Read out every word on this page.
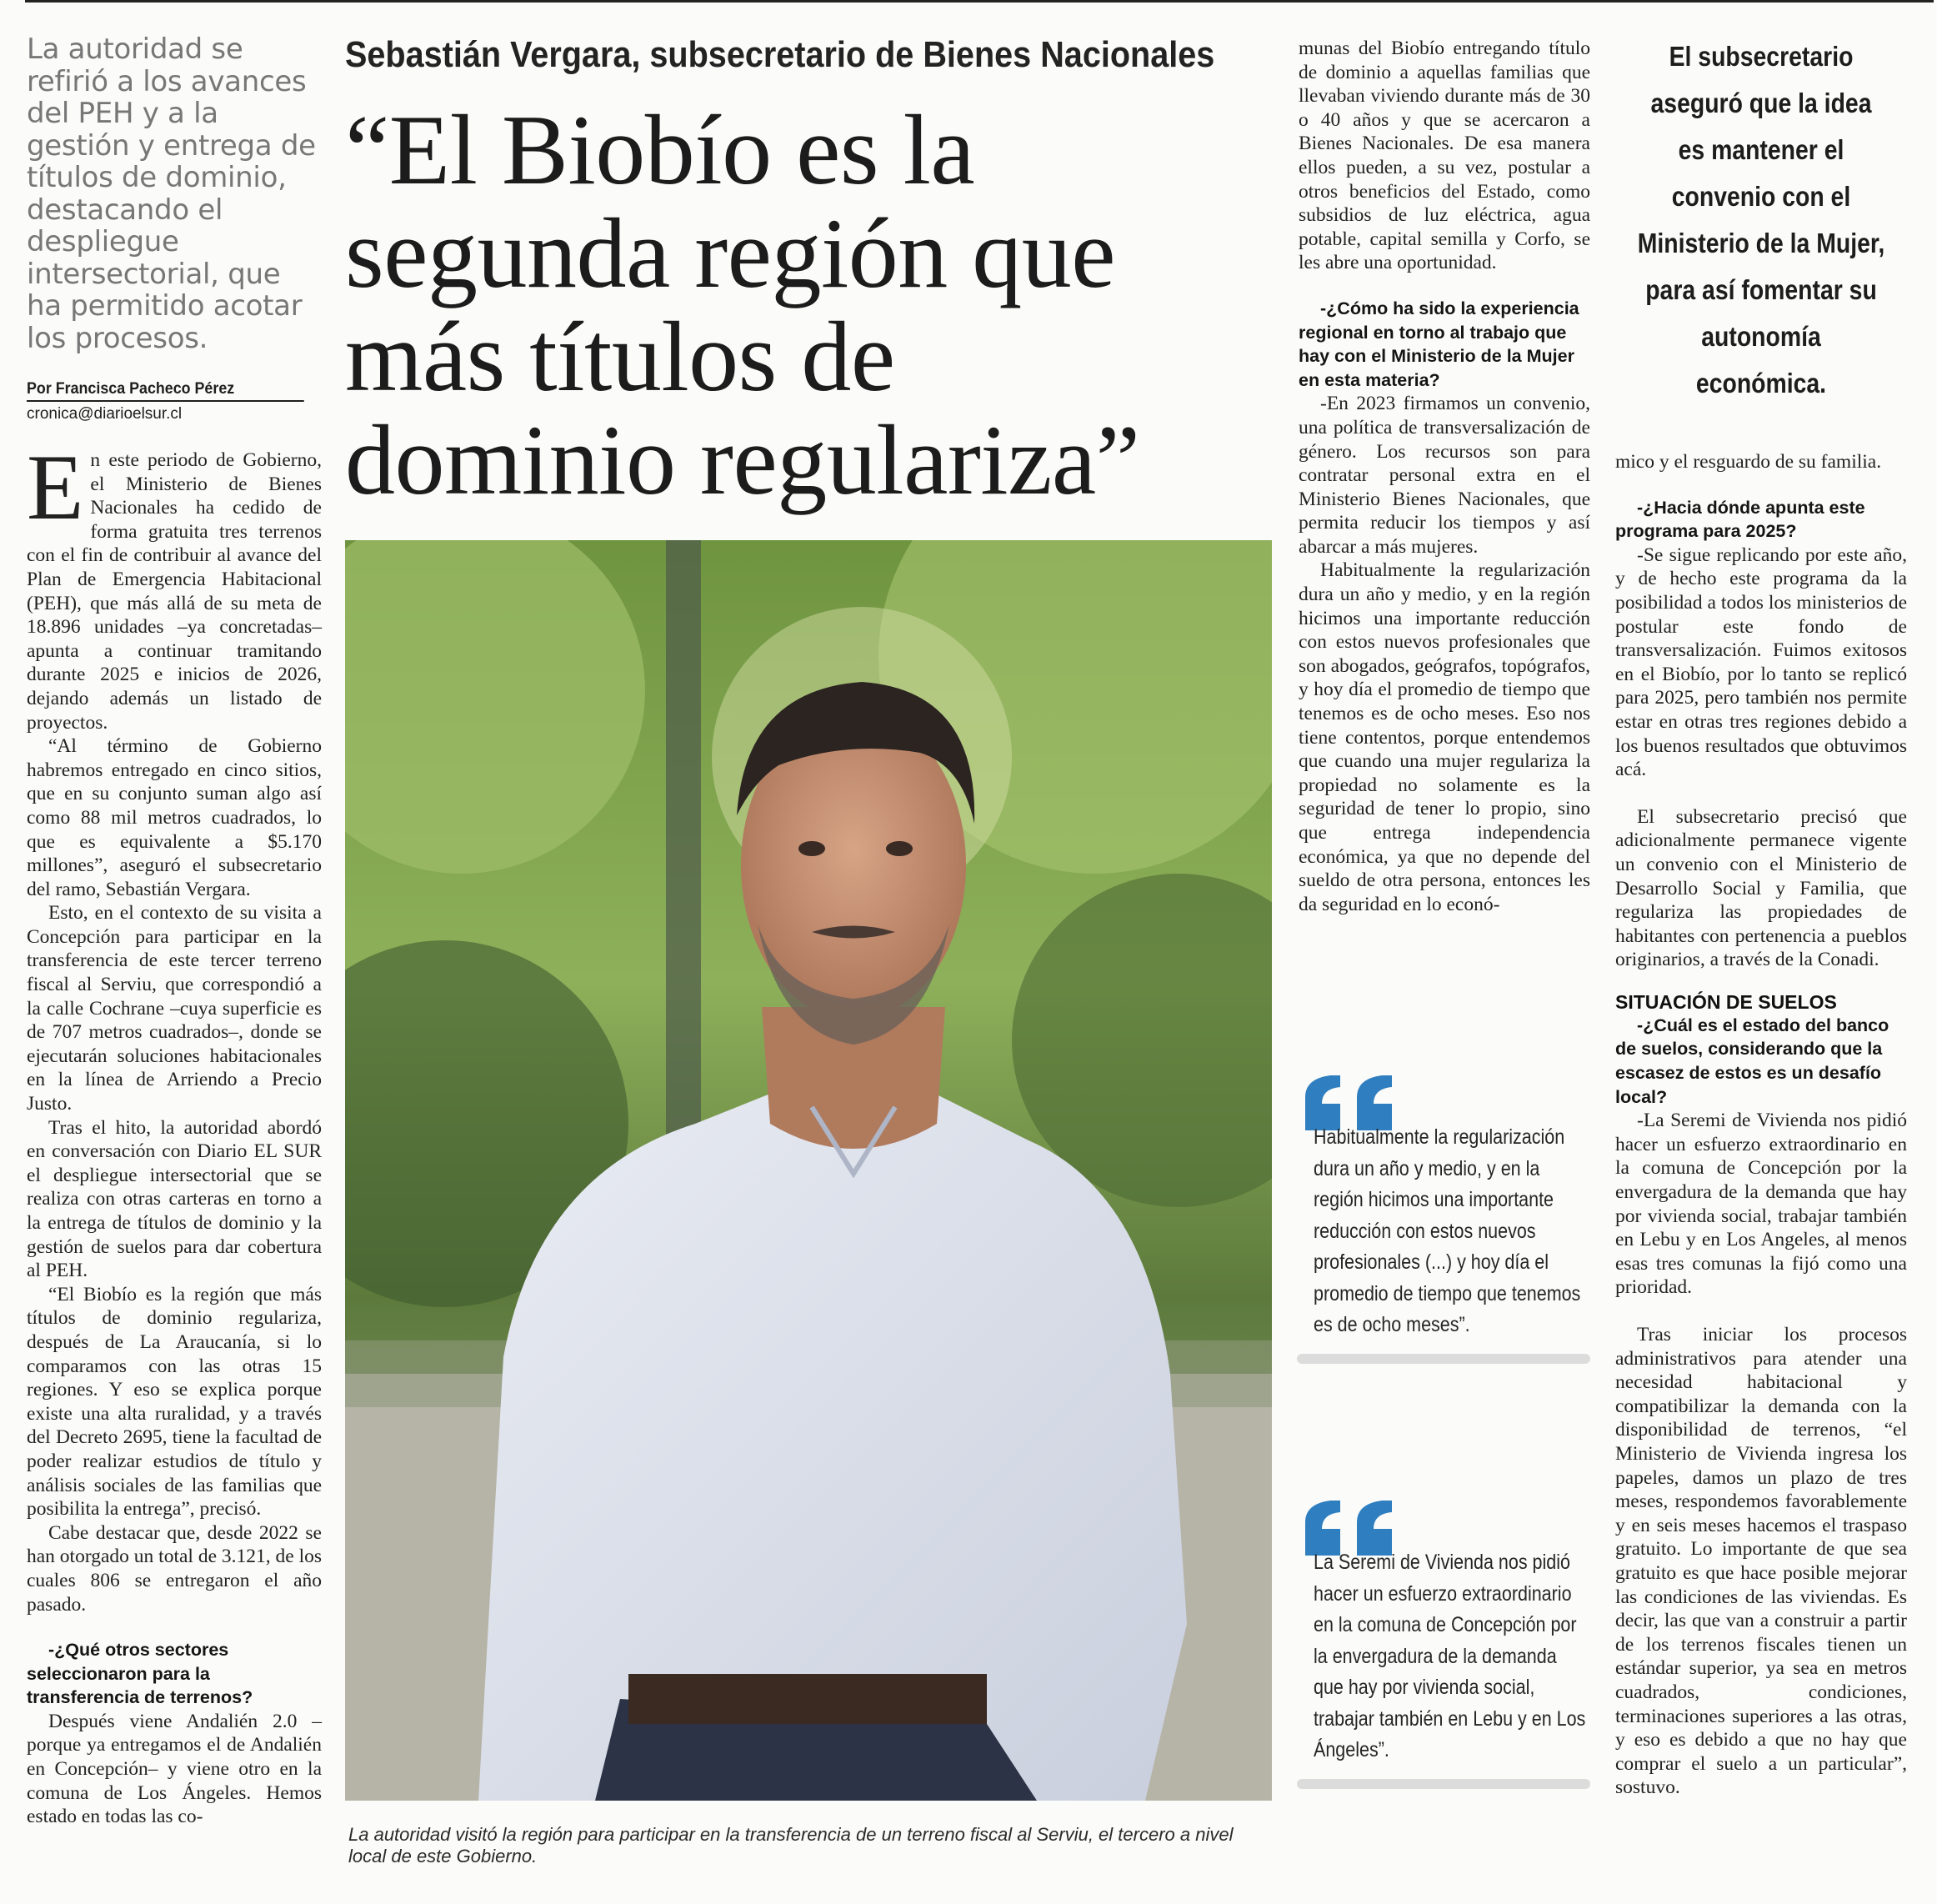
La autoridad se refirió a los avances del PEH y a la gestión y entrega de títulos de dominio, destacando el despliegue intersectorial, que ha permitido acotar los procesos.
Por Francisca Pacheco Pérez
cronica@diarioelsur.cl

En este periodo de Gobierno, el Ministerio de Bienes Nacionales ha cedido de forma gratuita tres terrenos con el fin de contribuir al avance del Plan de Emergencia Habitacional (PEH), que más allá de su meta de 18.896 unidades –ya concretadas– apunta a continuar tramitando durante 2025 e inicios de 2026, dejando además un listado de proyectos.

“Al término de Gobierno habremos entregado en cinco sitios, que en su conjunto suman algo así como 88 mil metros cuadrados, lo que es equivalente a $5.170 millones”, aseguró el subsecretario del ramo, Sebastián Vergara.

Esto, en el contexto de su visita a Concepción para participar en la transferencia de este tercer terreno fiscal al Serviu, que correspondió a la calle Cochrane –cuya superficie es de 707 metros cuadrados–, donde se ejecutarán soluciones habitacionales en la línea de Arriendo a Precio Justo.

Tras el hito, la autoridad abordó en conversación con Diario EL SUR el despliegue intersectorial que se realiza con otras carteras en torno a la entrega de títulos de dominio y la gestión de suelos para dar cobertura al PEH.

“El Biobío es la región que más títulos de dominio regulariza, después de La Araucanía, si lo comparamos con las otras 15 regiones. Y eso se explica porque existe una alta ruralidad, y a través del Decreto 2695, tiene la facultad de poder realizar estudios de título y análisis sociales de las familias que posibilita la entrega”, precisó.

Cabe destacar que, desde 2022 se han otorgado un total de 3.121, de los cuales 806 se entregaron el año pasado.

-¿Qué otros sectores seleccionaron para la transferencia de terrenos?

Después viene Andalién 2.0 –porque ya entregamos el de Andalién en Concepción– y viene otro en la comuna de Los Ángeles. Hemos estado en todas las co-

Sebastián Vergara, subsecretario de Bienes Nacionales
“El Biobío es la
segunda región que
más títulos de
dominio regulariza”
La autoridad visitó la región para participar en la transferencia de un terreno fiscal al Serviu, el tercero a nivel local de este Gobierno.

munas del Biobío entregando título de dominio a aquellas familias que llevaban viviendo durante más de 30 o 40 años y que se acercaron a Bienes Nacionales. De esa manera ellos pueden, a su vez, postular a otros beneficios del Estado, como subsidios de luz eléctrica, agua potable, capital semilla y Corfo, se les abre una oportunidad.

-¿Cómo ha sido la experiencia regional en torno al trabajo que hay con el Ministerio de la Mujer en esta materia?

-En 2023 firmamos un convenio, una política de transversalización de género. Los recursos son para contratar personal extra en el Ministerio Bienes Nacionales, que permita reducir los tiempos y así abarcar a más mujeres.

Habitualmente la regularización dura un año y medio, y en la región hicimos una importante reducción con estos nuevos profesionales que son abogados, geógrafos, topógrafos, y hoy día el promedio de tiempo que tenemos es de ocho meses. Eso nos tiene contentos, porque entendemos que cuando una mujer regulariza la propiedad no solamente es la seguridad de tener lo propio, sino que entrega independencia económica, ya que no depende del sueldo de otra persona, entonces les da seguridad en lo econó-

Habitualmente la regularización dura un año y medio, y en la región hicimos una importante reducción con estos nuevos profesionales (...) y hoy día el promedio de tiempo que tenemos es de ocho meses”.
La Seremi de Vivienda nos pidió hacer un esfuerzo extraordinario en la comuna de Concepción por la envergadura de la demanda que hay por vivienda social, trabajar también en Lebu y en Los Ángeles”.
El subsecretario aseguró que la idea es mantener el convenio con el Ministerio de la Mujer, para así fomentar su autonomía económica.

mico y el resguardo de su familia.

-¿Hacia dónde apunta este programa para 2025?

-Se sigue replicando por este año, y de hecho este programa da la posibilidad a todos los ministerios de postular este fondo de transversalización. Fuimos exitosos en el Biobío, por lo tanto se replicó para 2025, pero también nos permite estar en otras tres regiones debido a los buenos resultados que obtuvimos acá.

El subsecretario precisó que adicionalmente permanece vigente un convenio con el Ministerio de Desarrollo Social y Familia, que regulariza las propiedades de habitantes con pertenencia a pueblos originarios, a través de la Conadi.

SITUACIÓN DE SUELOS

-¿Cuál es el estado del banco de suelos, considerando que la escasez de estos es un desafío local?

-La Seremi de Vivienda nos pidió hacer un esfuerzo extraordinario en la comuna de Concepción por la envergadura de la demanda que hay por vivienda social, trabajar también en Lebu y en Los Angeles, al menos esas tres comunas la fijó como una prioridad.

Tras iniciar los procesos administrativos para atender una necesidad habitacional y compatibilizar la demanda con la disponibilidad de terrenos, “el Ministerio de Vivienda ingresa los papeles, damos un plazo de tres meses, respondemos favorablemente y en seis meses hacemos el traspaso gratuito. Lo importante de que sea gratuito es que hace posible mejorar las condiciones de las viviendas. Es decir, las que van a construir a partir de los terrenos fiscales tienen un estándar superior, ya sea en metros cuadrados, condiciones, terminaciones superiores a las otras, y eso es debido a que no hay que comprar el suelo a un particular”, sostuvo.
